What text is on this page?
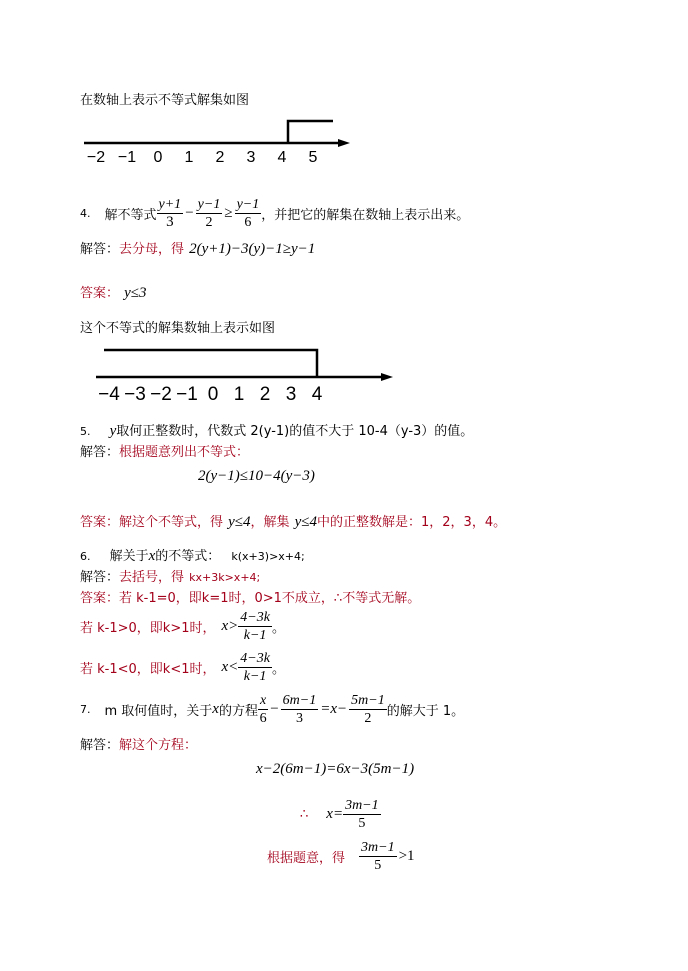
在数轴上表示不等式解集如图
−2 −1 0 1 2 3 4 5
4. 解不等式 $\frac{y+1}{3} - \frac{y-1}{2} \ge \frac{y-1}{6}$ ，并把它的解集在数轴上表示出来。
解答：去分母，得 2(y+1)−3(y)−1≥y−1
答案： y≤3
这个不等式的解集数轴上表示如图
−4 −3 −2 −1 0 1 2 3 4
5. y取何正整数时，代数式 2(y-1)的值不大于 10-4（y-3）的值。
解答：根据题意列出不等式：
2(y−1)≤10−4(y−3)
答案：解这个不等式，得 y≤4，解集 y≤4中的正整数解是：1，2，3，4。
6. 解关于x的不等式： k(x+3)>x+4;
解答：去括号，得 kx+3k>x+4;
答案：若 k-1=0，即k=1时，0>1不成立，∴不等式无解。
若 k-1>0，即k>1时， $x> \frac{4-3k}{k-1}$ 。
若 k-1<0，即k<1时， $x< \frac{4-3k}{k-1}$ 。
7. m 取何值时，关于 x 的方程 $\frac{x}{6} - \frac{6m-1}{3} =x- \frac{5m-1}{2}$ 的解大于 1。
解答：解这个方程：
x−2(6m−1)=6x−3(5m−1)
∴ $x= \frac{3m-1}{5}$
根据题意，得 $\frac{3m-1}{5} >1$
